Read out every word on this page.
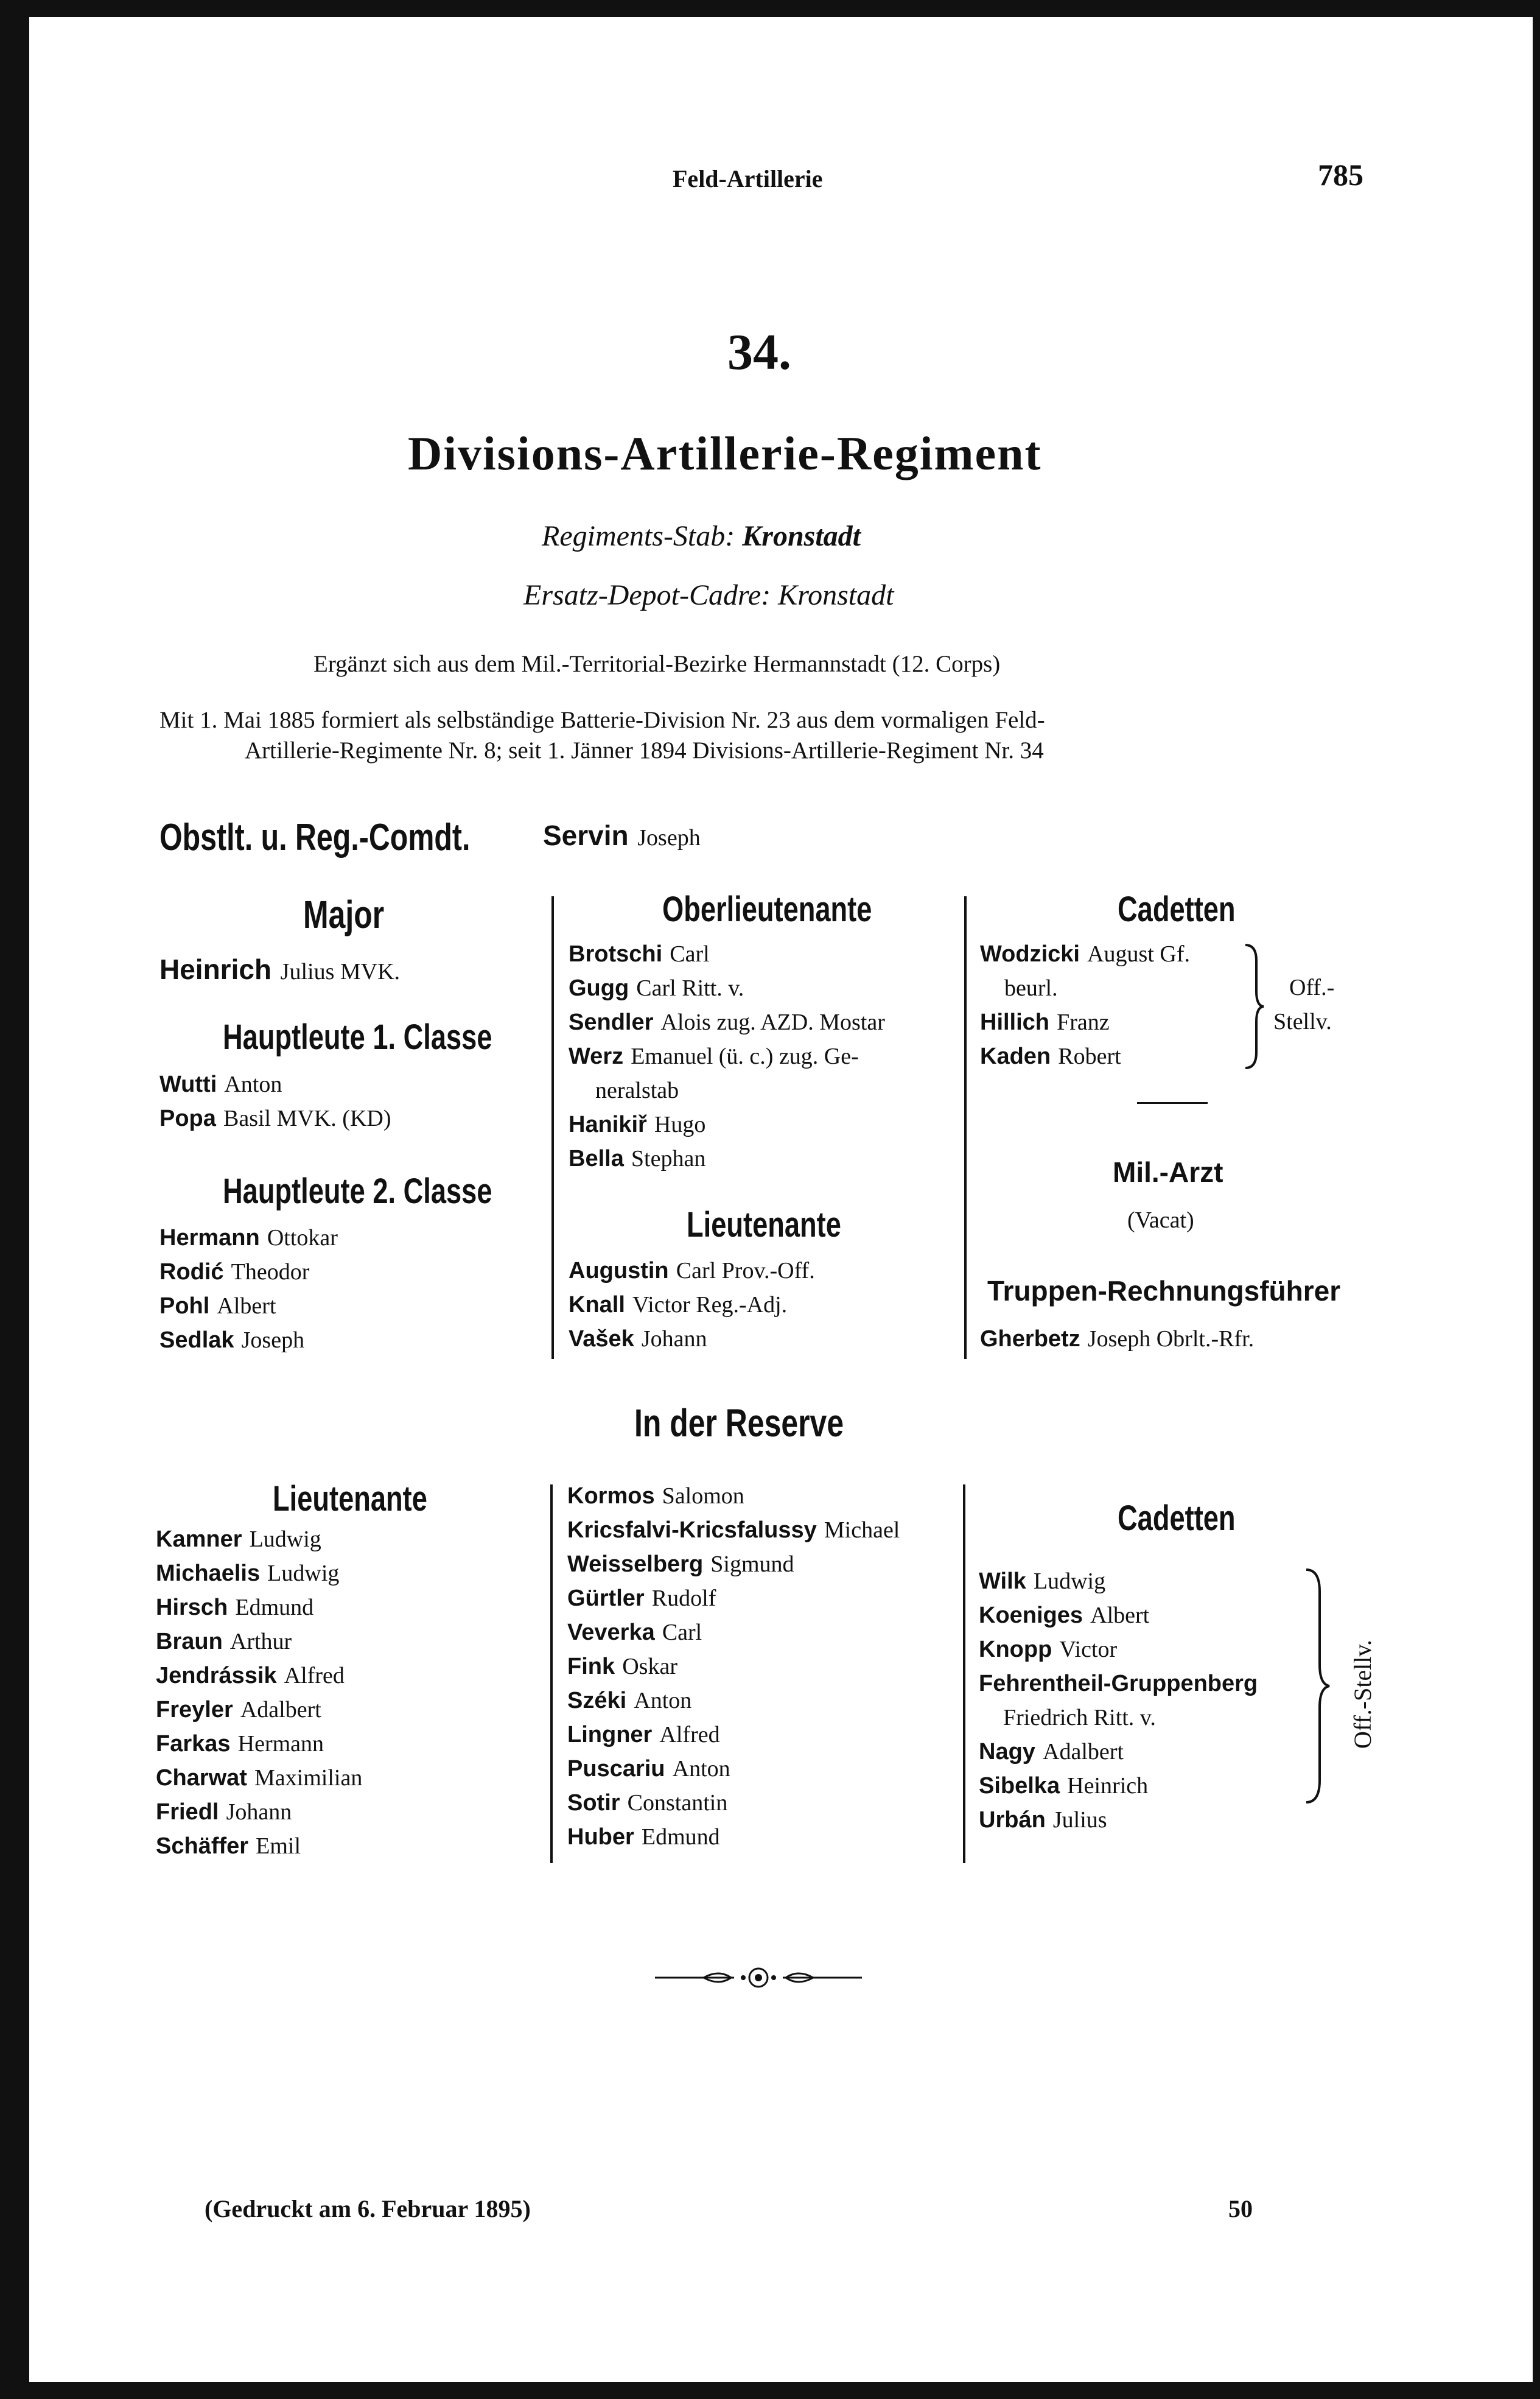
Feld-Artillerie	785
34.
Divisions-Artillerie-Regiment
Regiments-Stab: Kronstadt
Ersatz-Depot-Cadre: Kronstadt
Ergänzt sich aus dem Mil.-Territorial-Bezirke Hermannstadt (12. Corps)
Mit 1. Mai 1885 formiert als selbständige Batterie-Division Nr. 23 aus dem vormaligen Feld-
Artillerie-Regimente Nr. 8; seit 1. Jänner 1894 Divisions-Artillerie-Regiment Nr. 34
Obstlt. u. Reg.-Comdt.	Servin Joseph
Major
Heinrich Julius MVK.
Hauptleute 1. Classe
Wutti Anton
Popa Basil MVK. (KD)
Hauptleute 2. Classe
Hermann Ottokar
Rodić Theodor
Pohl Albert
Sedlak Joseph
Oberlieutenante
Brotschi Carl
Gugg Carl Ritt. v.
Sendler Alois zug. AZD. Mostar
Werz Emanuel (ü. c.) zug. Ge-
neralstab
Hanikiř Hugo
Bella Stephan
Lieutenante
Augustin Carl Prov.-Off.
Knall Victor Reg.-Adj.
Vašek Johann
Cadetten
Wodzicki August Gf.
beurl.
Hillich Franz
Kaden Robert
Off.-
Stellv.
Mil.-Arzt
(Vacat)
Truppen-Rechnungsführer
Gherbetz Joseph Obrlt.-Rfr.
In der Reserve
Lieutenante
Kamner Ludwig
Michaelis Ludwig
Hirsch Edmund
Braun Arthur
Jendrássik Alfred
Freyler Adalbert
Farkas Hermann
Charwat Maximilian
Friedl Johann
Schäffer Emil
Kormos Salomon
Kricsfalvi-Kricsfalussy Michael
Weisselberg Sigmund
Gürtler Rudolf
Veverka Carl
Fink Oskar
Széki Anton
Lingner Alfred
Puscariu Anton
Sotir Constantin
Huber Edmund
Cadetten
Wilk Ludwig
Koeniges Albert
Knopp Victor
Fehrentheil-Gruppenberg
Friedrich Ritt. v.
Nagy Adalbert
Sibelka Heinrich
Urbán Julius
Off.-Stellv.
(Gedruckt am 6. Februar 1895)	50
